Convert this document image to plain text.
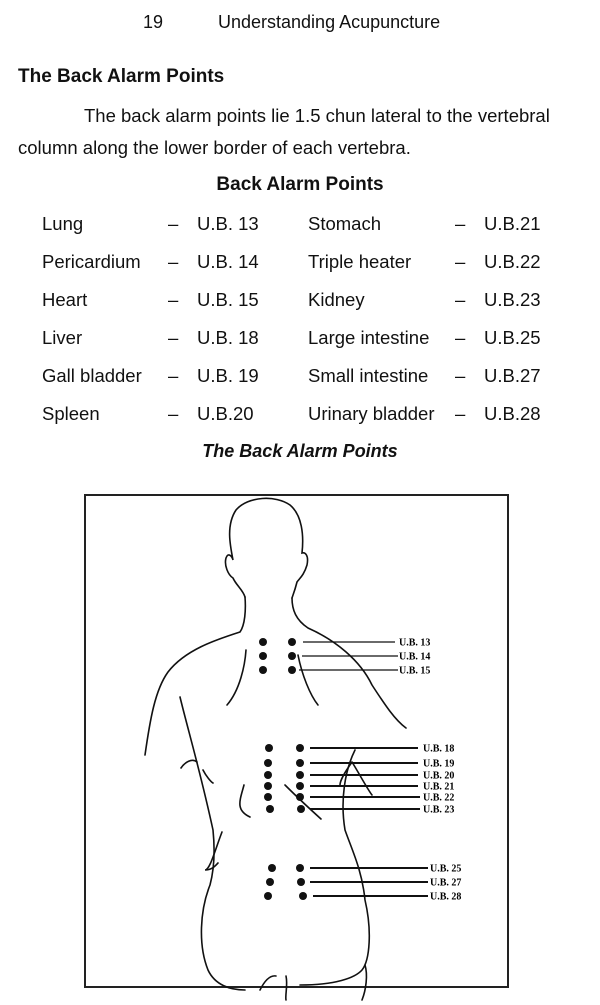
19	Understanding Acupuncture
The Back Alarm Points
The back alarm points lie 1.5 chun lateral to the vertebral
column along the lower border of each vertebra.
Back Alarm Points
Lung	– U.B. 13	Stomach	– U.B.21
Pericardium – U.B. 14	Triple heater – U.B.22
Heart	– U.B. 15	Kidney	– U.B.23
Liver	– U.B. 18	Large intestine – U.B.25
Gall bladder – U.B. 19	Small intestine – U.B.27
Spleen	– U.B.20	Urinary bladder – U.B.28
The Back Alarm Points
U.B. 13
U.B. 14
U.B. 15
U.B. 18
U.B. 19
U.B. 20
U.B. 21
U.B. 22
U.B. 23
U.B. 25
U.B. 27
U.B. 28
